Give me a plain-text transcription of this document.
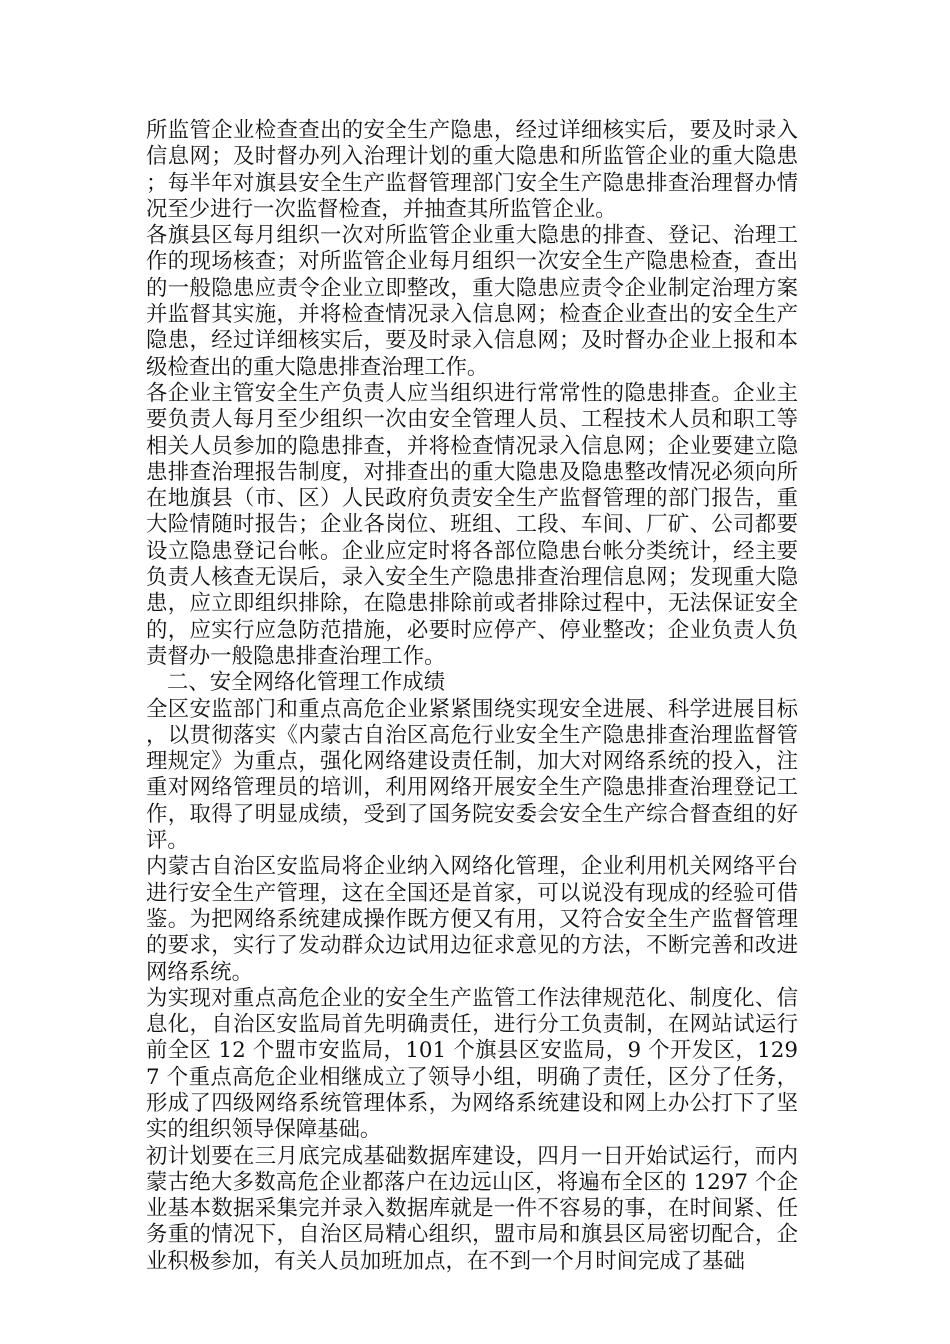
所监管企业检查查出的安全生产隐患，经过详细核实后，要及时录入信息网；及时督办列入治理计划的重大隐患和所监管企业的重大隐患；每半年对旗县安全生产监督管理部门安全生产隐患排查治理督办情况至少进行一次监督检查，并抽查其所监管企业。

各旗县区每月组织一次对所监管企业重大隐患的排查、登记、治理工作的现场核查；对所监管企业每月组织一次安全生产隐患检查，查出的一般隐患应责令企业立即整改，重大隐患应责令企业制定治理方案并监督其实施，并将检查情况录入信息网；检查企业查出的安全生产隐患，经过详细核实后，要及时录入信息网；及时督办企业上报和本级检查出的重大隐患排查治理工作。

各企业主管安全生产负责人应当组织进行常常性的隐患排查。企业主要负责人每月至少组织一次由安全管理人员、工程技术人员和职工等相关人员参加的隐患排查，并将检查情况录入信息网；企业要建立隐患排查治理报告制度，对排查出的重大隐患及隐患整改情况必须向所在地旗县（市、区）人民政府负责安全生产监督管理的部门报告，重大险情随时报告；企业各岗位、班组、工段、车间、厂矿、公司都要设立隐患登记台帐。企业应定时将各部位隐患台帐分类统计，经主要负责人核查无误后，录入安全生产隐患排查治理信息网；发现重大隐患，应立即组织排除，在隐患排除前或者排除过程中，无法保证安全的，应实行应急防范措施，必要时应停产、停业整改；企业负责人负责督办一般隐患排查治理工作。

二、安全网络化管理工作成绩

全区安监部门和重点高危企业紧紧围绕实现安全进展、科学进展目标，以贯彻落实《内蒙古自治区高危行业安全生产隐患排查治理监督管理规定》为重点，强化网络建设责任制，加大对网络系统的投入，注重对网络管理员的培训，利用网络开展安全生产隐患排查治理登记工作，取得了明显成绩，受到了国务院安委会安全生产综合督查组的好评。

内蒙古自治区安监局将企业纳入网络化管理，企业利用机关网络平台进行安全生产管理，这在全国还是首家，可以说没有现成的经验可借鉴。为把网络系统建成操作既方便又有用，又符合安全生产监督管理的要求，实行了发动群众边试用边征求意见的方法，不断完善和改进网络系统。

为实现对重点高危企业的安全生产监管工作法律规范化、制度化、信息化，自治区安监局首先明确责任，进行分工负责制，在网站试运行前全区 12 个盟市安监局，101 个旗县区安监局，9 个开发区，1297 个重点高危企业相继成立了领导小组，明确了责任，区分了任务，形成了四级网络系统管理体系，为网络系统建设和网上办公打下了坚实的组织领导保障基础。

初计划要在三月底完成基础数据库建设，四月一日开始试运行，而内蒙古绝大多数高危企业都落户在边远山区，将遍布全区的 1297 个企业基本数据采集完并录入数据库就是一件不容易的事，在时间紧、任务重的情况下，自治区局精心组织，盟市局和旗县区局密切配合，企业积极参加，有关人员加班加点，在不到一个月时间完成了基础
